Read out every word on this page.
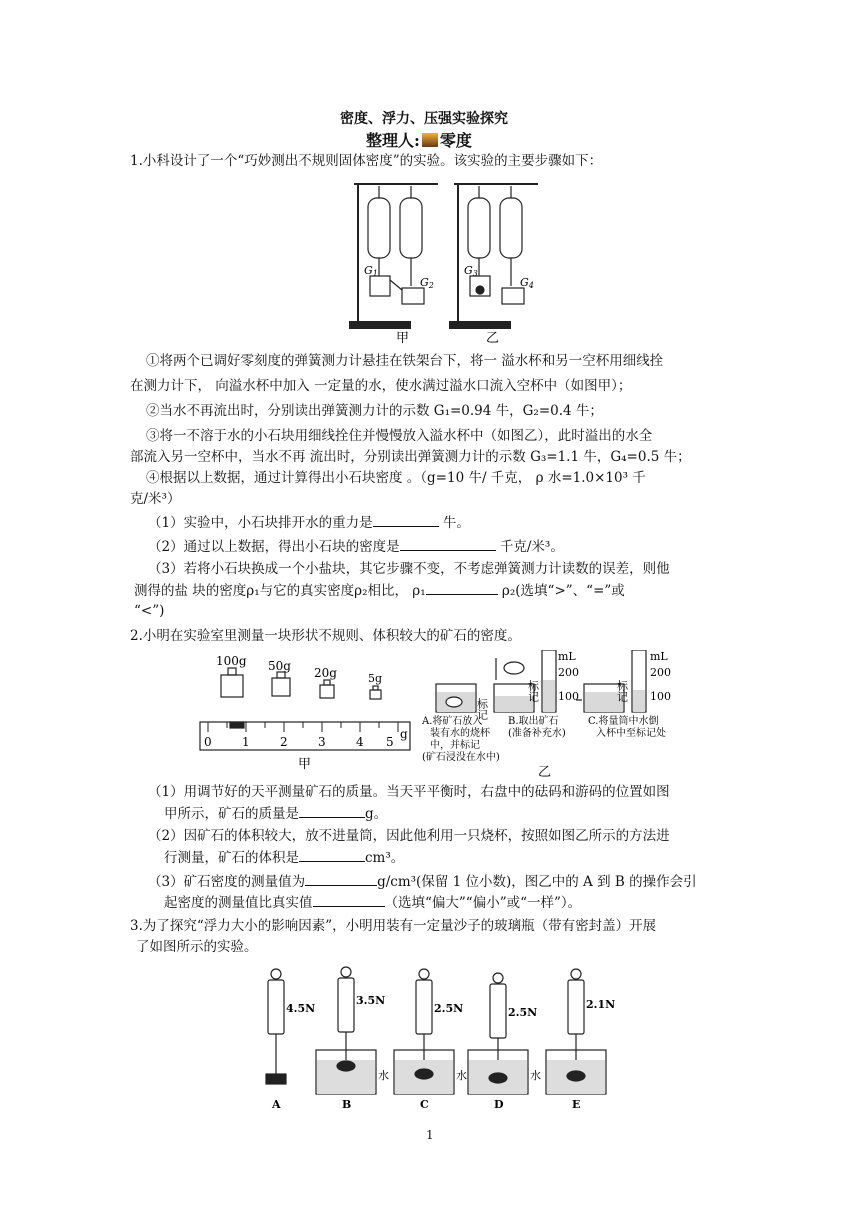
密度、浮力、压强实验探究
整理人: 零度
1.小科设计了一个“巧妙测出不规则固体密度”的实验。该实验的主要步骤如下：
G1
G2
G3
G4
甲	乙
①将两个已调好零刻度的弹簧测力计悬挂在铁架台下，将一 溢水杯和另一空杯用细线拴
在测力计下， 向溢水杯中加入 一定量的水，使水满过溢水口流入空杯中（如图甲）；
②当水不再流出时，分别读出弹簧测力计的示数 G₁=0.94 牛，G₂=0.4 牛；
③将一不溶于水的小石块用细线拴住并慢慢放入溢水杯中（如图乙），此时溢出的水全
部流入另一空杯中，当水不再 流出时，分别读出弹簧测力计的示数 G₃=1.1 牛，G₄=0.5 牛；
④根据以上数据，通过计算得出小石块密度 。（g=10 牛/ 千克， ρ 水=1.0×10³ 千
克/米³）
（1）实验中，小石块排开水的重力是	牛。
（2）通过以上数据，得出小石块的密度是	千克/米³。
（3）若将小石块换成一个小盐块，其它步骤不变，不考虑弹簧测力计读数的误差，则他
测得的盐 块的密度ρ₁与它的真实密度ρ₂相比， ρ₁	ρ₂(选填“>”、“=”或
“<”)
2.小明在实验室里测量一块形状不规则、体积较大的矿石的密度。
100g 50g 20g	5g
0	1	2	3	4 5
g
甲
标记
标记	标记
mL
200
100
mL
200
100
A.将矿石放入
装有水的烧杯
中，并标记
(矿石浸没在水中)
B.取出矿石
(准备补充水)
C.将量筒中水倒
入杯中至标记处
乙
（1）用调节好的天平测量矿石的质量。当天平平衡时，右盘中的砝码和游码的位置如图
甲所示，矿石的质量是	g。
（2）因矿石的体积较大，放不进量筒，因此他利用一只烧杯，按照如图乙所示的方法进
行测量，矿石的体积是	cm³。
（3）矿石密度的测量值为	g/cm³(保留 1 位小数)，图乙中的 A 到 B 的操作会引
起密度的测量值比真实值	（选填“偏大”“偏小”或“一样”）。
3.为了探究“浮力大小的影响因素”，小明用装有一定量沙子的玻璃瓶（带有密封盖）开展
了如图所示的实验。
4.5N
3.5N
2.5N	2.5N
2.1N
水	水	水
A	B	C	D	E
1
